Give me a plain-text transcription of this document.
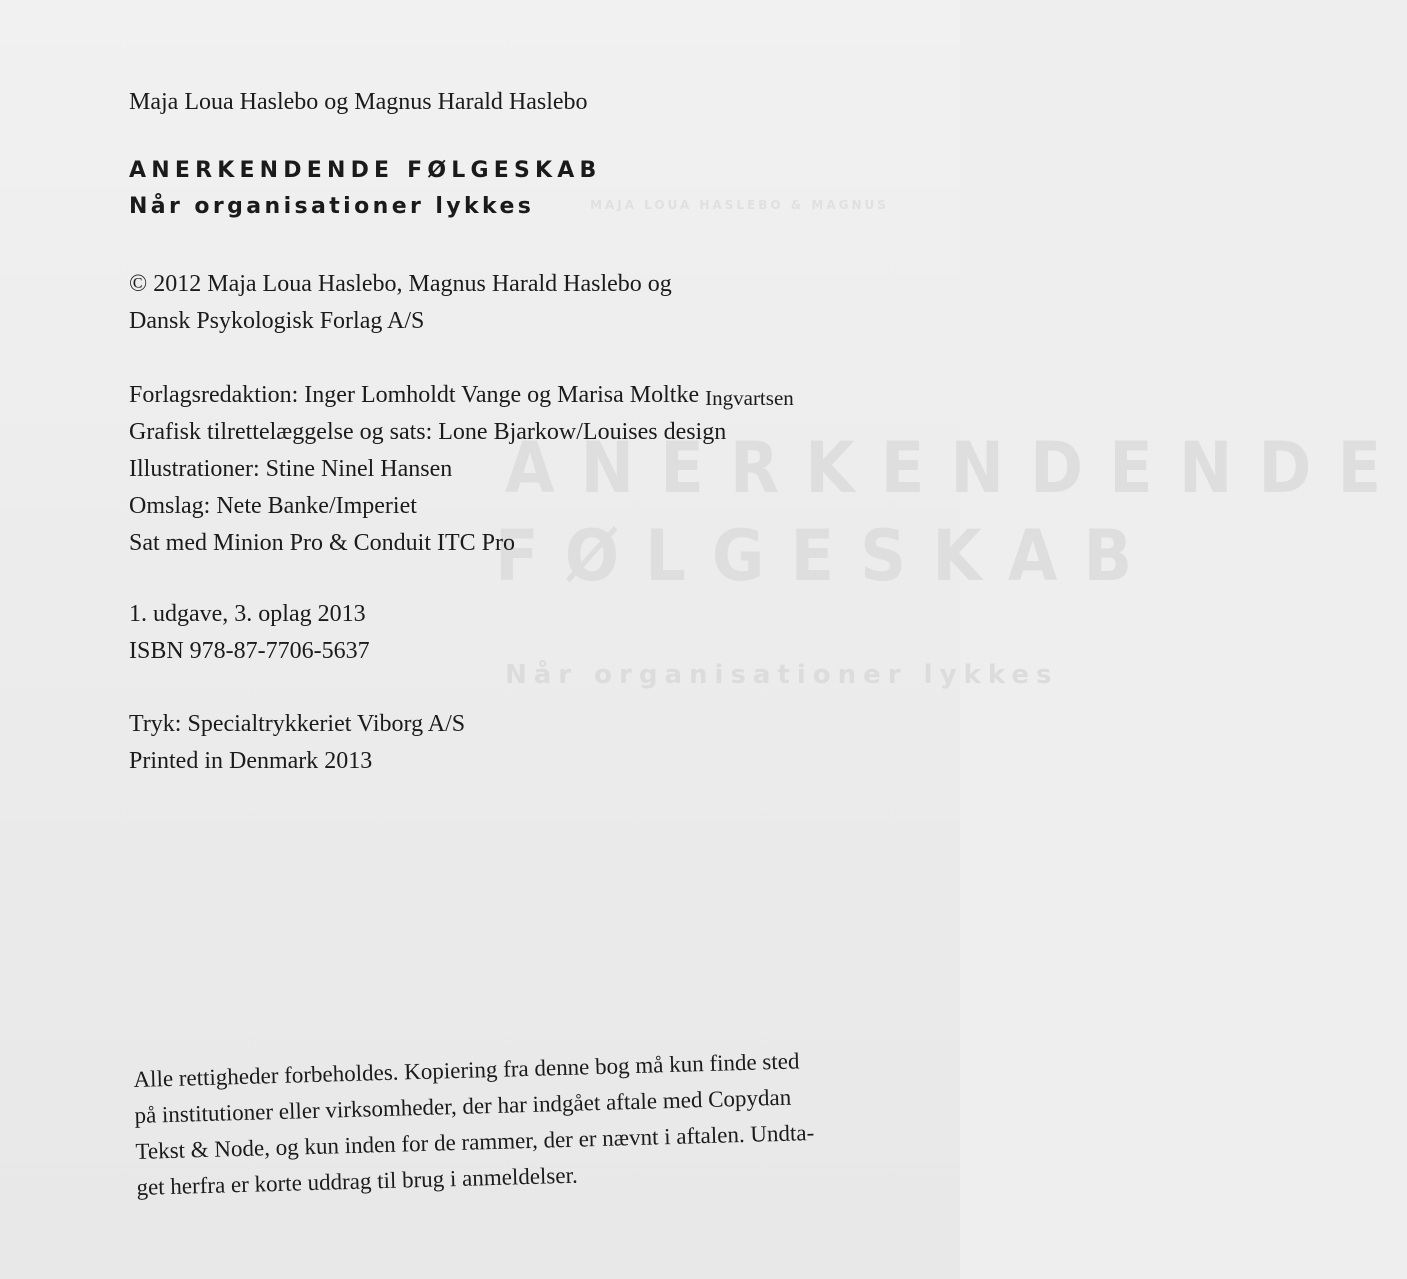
ANERKENDENDE
FØLGESKAB
Når organisationer lykkes
MAJA LOUA HASLEBO & MAGNUS
Maja Loua Haslebo og Magnus Harald Haslebo
ANERKENDENDE FØLGESKAB
Når organisationer lykkes
© 2012 Maja Loua Haslebo, Magnus Harald Haslebo og
Dansk Psykologisk Forlag A/S
Forlagsredaktion: Inger Lomholdt Vange og Marisa Moltke Ingvartsen
Grafisk tilrettelæggelse og sats: Lone Bjarkow/Louises design
Illustrationer: Stine Ninel Hansen
Omslag: Nete Banke/Imperiet
Sat med Minion Pro & Conduit ITC Pro
1. udgave, 3. oplag 2013
ISBN 978-87-7706-5637
Tryk: Specialtrykkeriet Viborg A/S
Printed in Denmark 2013
Alle rettigheder forbeholdes. Kopiering fra denne bog må kun finde sted
på institutioner eller virksomheder, der har indgået aftale med Copydan
Tekst & Node, og kun inden for de rammer, der er nævnt i aftalen. Undta-
get herfra er korte uddrag til brug i anmeldelser.
